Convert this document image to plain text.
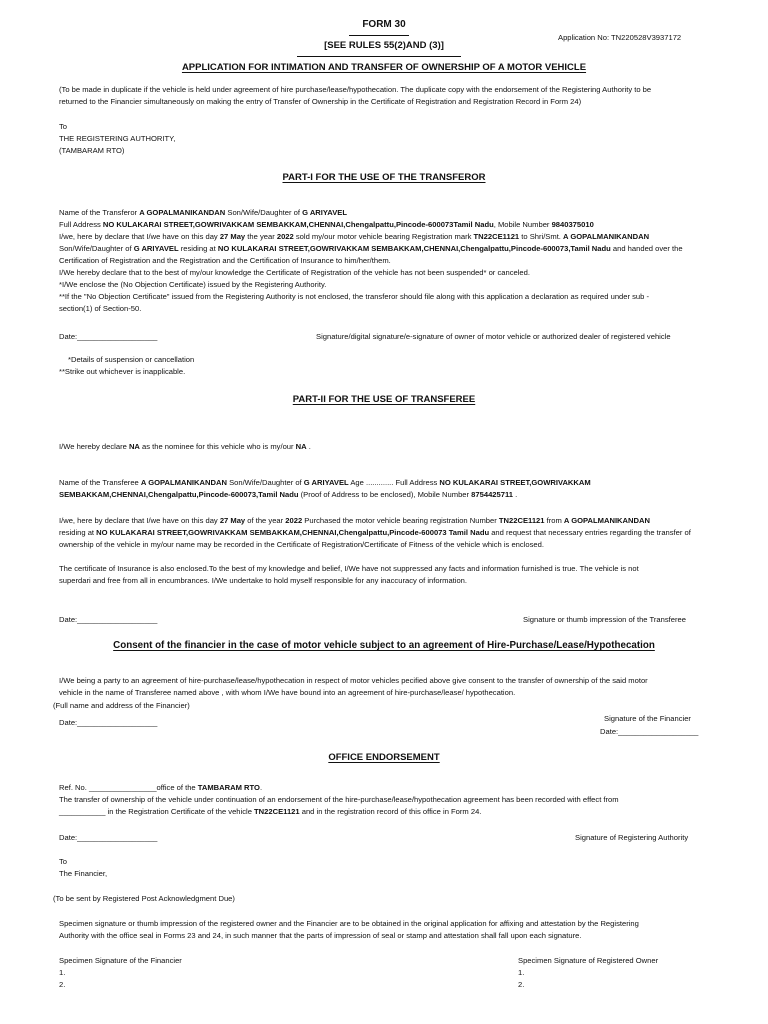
FORM 30
Application No: TN220528V3937172
[SEE RULES 55(2)AND (3)]
APPLICATION FOR INTIMATION AND TRANSFER OF OWNERSHIP OF A MOTOR VEHICLE
(To be made in duplicate if the vehicle is held under agreement of hire purchase/lease/hypothecation. The duplicate copy with the endorsement of the Registering Authority to be
returned to the Financier simultaneously on making the entry of Transfer of Ownership in the Certificate of Registration and Registration Record in Form 24)
To
THE REGISTERING AUTHORITY,
(TAMBARAM RTO)
PART-I FOR THE USE OF THE TRANSFEROR
Name of the Transferor A GOPALMANIKANDAN Son/Wife/Daughter of G ARIYAVEL
Full Address NO KULAKARAI STREET,GOWRIVAKKAM SEMBAKKAM,CHENNAI,Chengalpattu,Pincode-600073Tamil Nadu, Mobile Number 9840375010
I/we, here by declare that I/we have on this day 27 May the year 2022 sold my/our motor vehicle bearing Registration mark TN22CE1121 to Shri/Smt. A GOPALMANIKANDAN
Son/Wife/Daughter of G ARIYAVEL residing at NO KULAKARAI STREET,GOWRIVAKKAM SEMBAKKAM,CHENNAI,Chengalpattu,Pincode-600073,Tamil Nadu and handed over the
Certification of Registration and the Registration and the Certification of Insurance to him/her/them.
I/We hereby declare that to the best of my/our knowledge the Certificate of Registration of the vehicle has not been suspended* or canceled.
*I/We enclose the (No Objection Certificate) issued by the Registering Authority.
**If the "No Objection Certificate" issued from the Registering Authority is not enclosed, the transferor should file along with this application a declaration as required under sub -
section(1) of Section-50.
Date:___________________	Signature/digital signature/e-signature of owner of motor vehicle or authorized dealer of registered vehicle
*Details of suspension or cancellation
**Strike out whichever is inapplicable.
PART-II FOR THE USE OF TRANSFEREE
I/We hereby declare NA as the nominee for this vehicle who is my/our NA .
Name of the Transferee A GOPALMANIKANDAN Son/Wife/Daughter of G ARIYAVEL Age ............. Full Address NO KULAKARAI STREET,GOWRIVAKKAM
SEMBAKKAM,CHENNAI,Chengalpattu,Pincode-600073,Tamil Nadu (Proof of Address to be enclosed), Mobile Number 8754425711 .
I/we, here by declare that I/we have on this day 27 May of the year 2022 Purchased the motor vehicle bearing registration Number TN22CE1121 from A GOPALMANIKANDAN
residing at NO KULAKARAI STREET,GOWRIVAKKAM SEMBAKKAM,CHENNAI,Chengalpattu,Pincode-600073 Tamil Nadu and request that necessary entries regarding the transfer of
ownership of the vehicle in my/our name may be recorded in the Certificate of Registration/Certificate of Fitness of the vehicle which is enclosed.
The certificate of Insurance is also enclosed.To the best of my knowledge and belief, I/We have not suppressed any facts and information furnished is true. The vehicle is not
superdari and free from all in encumbrances. I/We undertake to hold myself responsible for any inaccuracy of information.
Date:___________________	Signature or thumb impression of the Transferee
Consent of the financier in the case of motor vehicle subject to an agreement of Hire-Purchase/Lease/Hypothecation
I/We being a party to an agreement of hire-purchase/lease/hypothecation in respect of motor vehicles pecified above give consent to the transfer of ownership of the said motor
vehicle in the name of Transferee named above , with whom I/We have bound into an agreement of hire-purchase/lease/ hypothecation.
(Full name and address of the Financier)
Signature of the Financier
Date:___________________
Date:___________________
OFFICE ENDORSEMENT
Ref. No. ________________office of the TAMBARAM RTO.
The transfer of ownership of the vehicle under continuation of an endorsement of the hire-purchase/lease/hypothecation agreement has been recorded with effect from
___________ in the Registration Certificate of the vehicle TN22CE1121 and in the registration record of this office in Form 24.
Date:___________________	Signature of Registering Authority
To
The Financier,
(To be sent by Registered Post Acknowledgment Due)
Specimen signature or thumb impression of the registered owner and the Financier are to be obtained in the original application for affixing and attestation by the Registering
Authority with the office seal in Forms 23 and 24, in such manner that the parts of impression of seal or stamp and attestation shall fall upon each signature.
Specimen Signature of the Financier	Specimen Signature of Registered Owner
1.	1.
2.	2.
